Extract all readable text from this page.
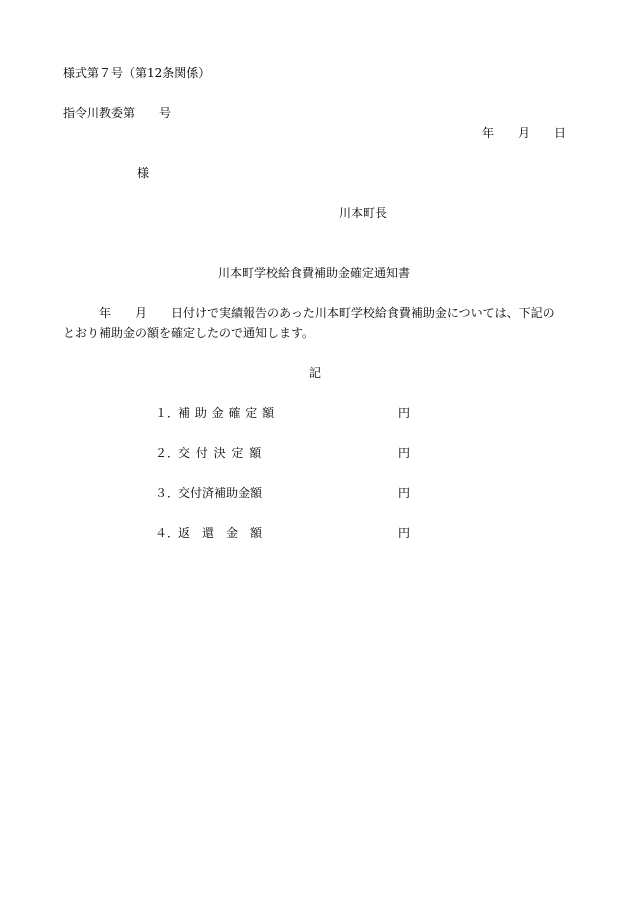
様式第７号（第12条関係）
指令川教委第　　号
年　　月　　日
様
川本町長
川本町学校給食費補助金確定通知書
年　　月　　日付けで実績報告のあった川本町学校給食費補助金については、下記の
とおり補助金の額を確定したので通知します。
記
１．
補 助 金 確 定 額	円
２．
交 付 決 定 額	円
３．
交付済補助金額	円
４．
返　還　金　額	円
